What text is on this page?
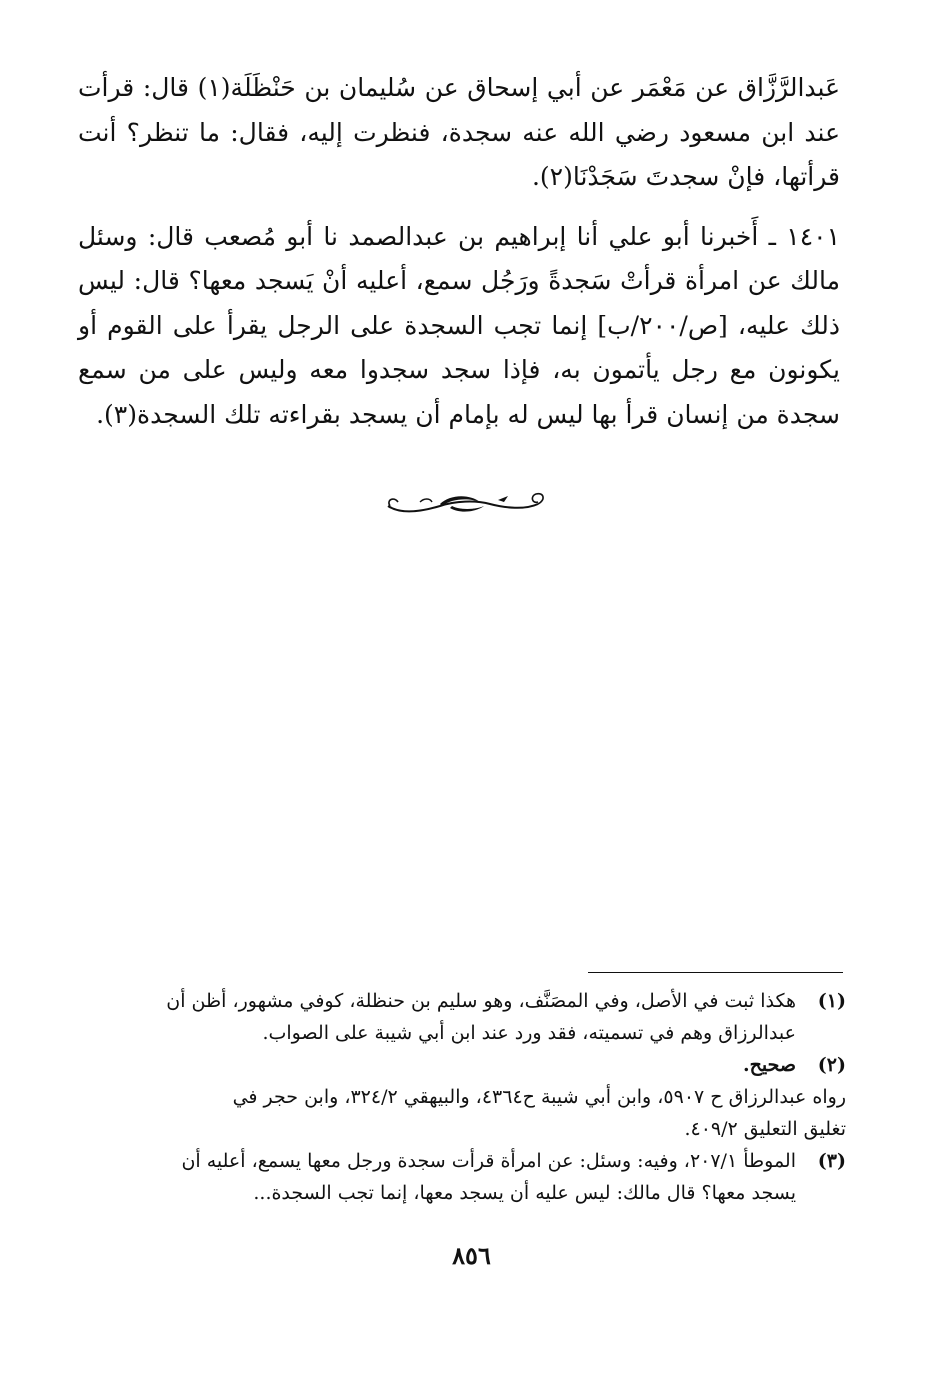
عَبدالرَّزَّاق عن مَعْمَر عن أبي إسحاق عن سُليمان بن حَنْظَلَة(١) قال: قرأت عند ابن مسعود رضي الله عنه سجدة، فنظرت إليه، فقال: ما تنظر؟ أنت قرأتها، فإنْ سجدتَ سَجَدْنَا(٢).

١٤٠١ ـ أَخبرنا أبو علي أنا إبراهيم بن عبدالصمد نا أبو مُصعب قال: وسئل مالك عن امرأة قرأتْ سَجدةً ورَجُل سمع، أعليه أنْ يَسجد معها؟ قال: ليس ذلك عليه، [ص/٢٠٠/ب] إنما تجب السجدة على الرجل يقرأ على القوم أو يكونون مع رجل يأتمون به، فإذا سجد سجدوا معه وليس على من سمع سجدة من إنسان قرأ بها ليس له بإمام أن يسجد بقراءته تلك السجدة(٣).

(١)
هكذا ثبت في الأصل، وفي المصَنَّف، وهو سليم بن حنظلة، كوفي مشهور، أظن أن
عبدالرزاق وهم في تسميته، فقد ورد عند ابن أبي شيبة على الصواب.
(٢)
صحيح.
رواه عبدالرزاق ح ٥٩٠٧، وابن أبي شيبة ح٤٣٦٤، والبيهقي ٣٢٤/٢، وابن حجر في
تغليق التعليق ٤٠٩/٢.
(٣)
الموطأ ٢٠٧/١، وفيه: وسئل: عن امرأة قرأت سجدة ورجل معها يسمع، أعليه أن
يسجد معها؟ قال مالك: ليس عليه أن يسجد معها، إنما تجب السجدة...
٨٥٦
